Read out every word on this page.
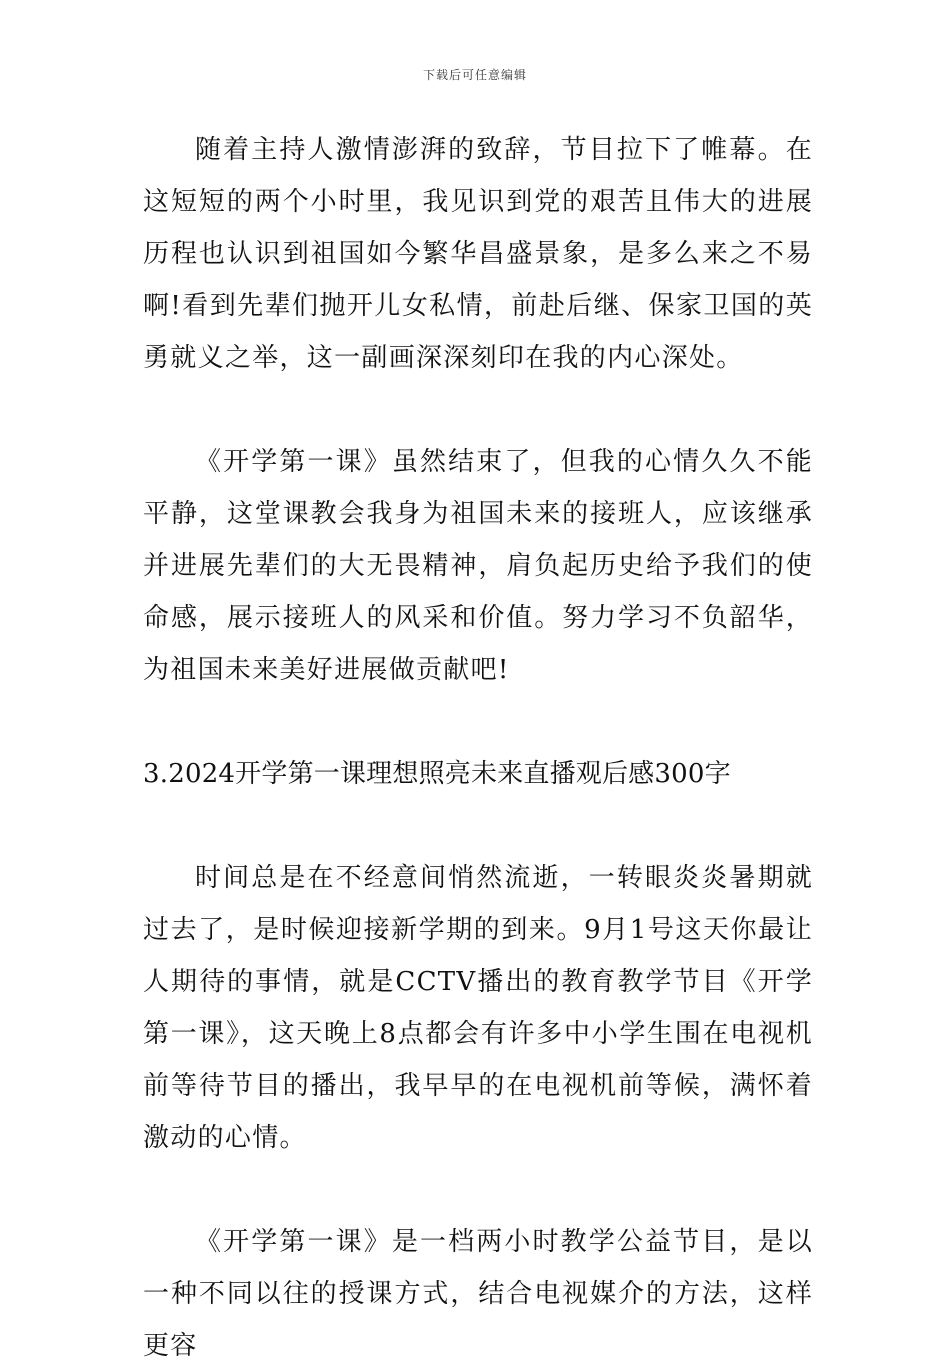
下载后可任意编辑

随着主持人激情澎湃的致辞，节目拉下了帷幕。在这短短的两个小时里，我见识到党的艰苦且伟大的进展历程也认识到祖国如今繁华昌盛景象，是多么来之不易啊!看到先辈们抛开儿女私情，前赴后继、保家卫国的英勇就义之举，这一副画深深刻印在我的内心深处。

《开学第一课》虽然结束了，但我的心情久久不能平静，这堂课教会我身为祖国未来的接班人，应该继承并进展先辈们的大无畏精神，肩负起历史给予我们的使命感，展示接班人的风采和价值。努力学习不负韶华，为祖国未来美好进展做贡献吧!

3.2024开学第一课理想照亮未来直播观后感300字

时间总是在不经意间悄然流逝，一转眼炎炎暑期就过去了，是时候迎接新学期的到来。9月1号这天你最让人期待的事情，就是CCTV播出的教育教学节目《开学第一课》，这天晚上8点都会有许多中小学生围在电视机前等待节目的播出，我早早的在电视机前等候，满怀着激动的心情。

《开学第一课》是一档两小时教学公益节目，是以一种不同以往的授课方式，结合电视媒介的方法，这样更容
